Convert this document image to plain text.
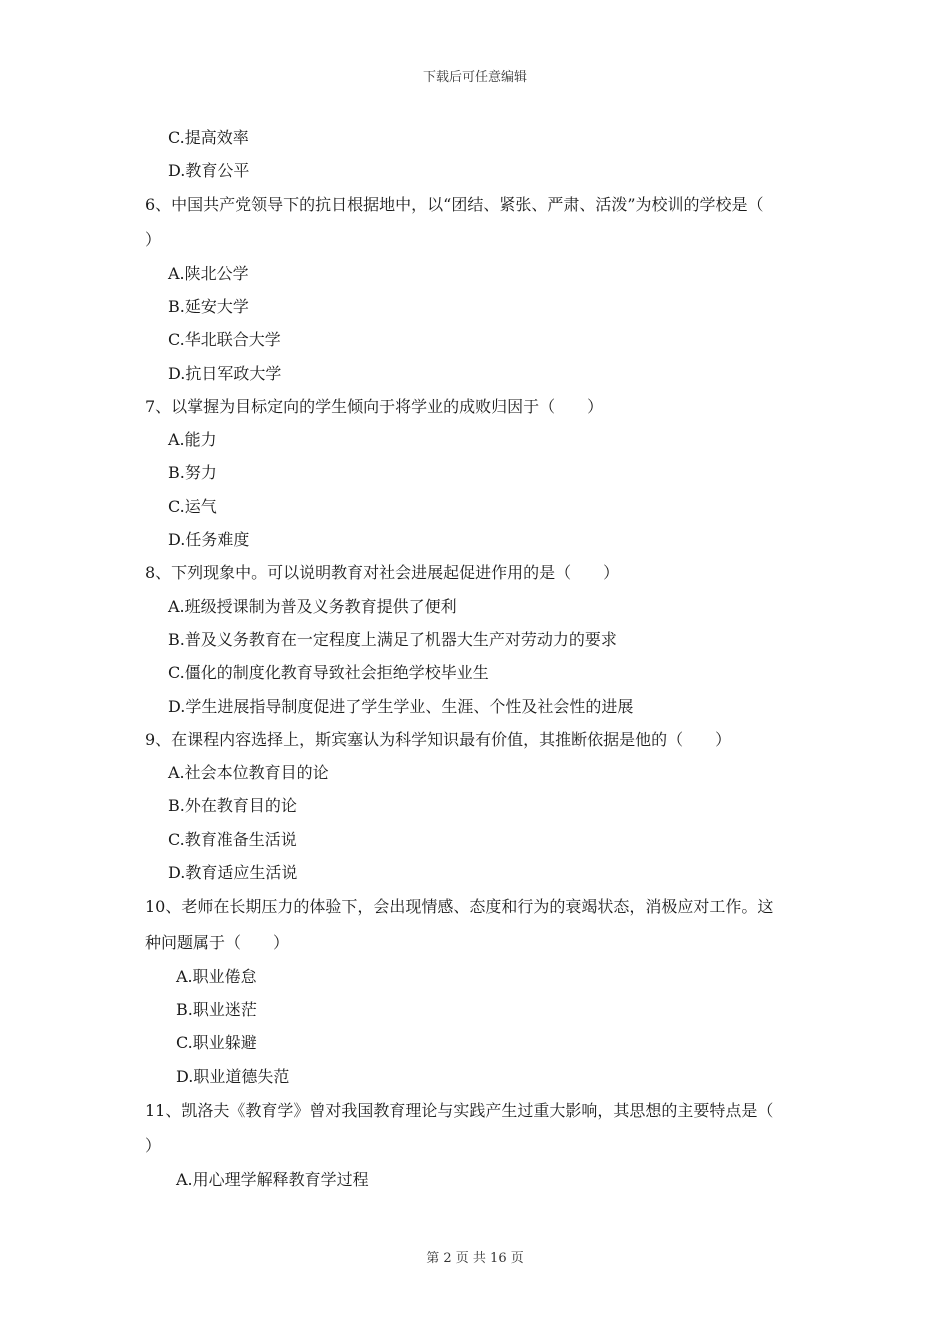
下载后可任意编辑
C.提高效率
D.教育公平
6、中国共产党领导下的抗日根据地中，以“团结、紧张、严肃、活泼”为校训的学校是（
）
A.陕北公学
B.延安大学
C.华北联合大学
D.抗日军政大学
7、以掌握为目标定向的学生倾向于将学业的成败归因于（　　）
A.能力
B.努力
C.运气
D.任务难度
8、下列现象中。可以说明教育对社会进展起促进作用的是（　　）
A.班级授课制为普及义务教育提供了便利
B.普及义务教育在一定程度上满足了机器大生产对劳动力的要求
C.僵化的制度化教育导致社会拒绝学校毕业生
D.学生进展指导制度促进了学生学业、生涯、个性及社会性的进展
9、在课程内容选择上，斯宾塞认为科学知识最有价值，其推断依据是他的（　　）
A.社会本位教育目的论
B.外在教育目的论
C.教育准备生活说
D.教育适应生活说
10、老师在长期压力的体验下，会出现情感、态度和行为的衰竭状态，消极应对工作。这
种问题属于（　　）
A.职业倦怠
B.职业迷茫
C.职业躲避
D.职业道德失范
11、凯洛夫《教育学》曾对我国教育理论与实践产生过重大影响，其思想的主要特点是（
）
A.用心理学解释教育学过程
第 2 页 共 16 页
